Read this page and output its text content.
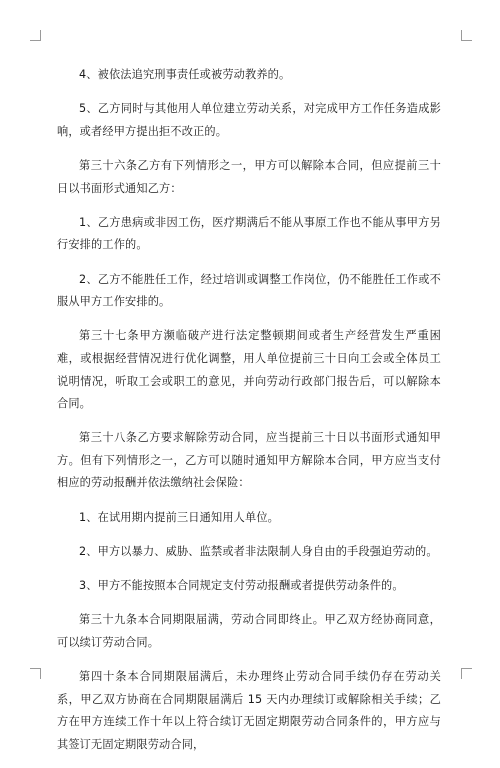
4、被依法追究刑事责任或被劳动教养的。

5、乙方同时与其他用人单位建立劳动关系，对完成甲方工作任务造成影响，或者经甲方提出拒不改正的。

第三十六条乙方有下列情形之一，甲方可以解除本合同，但应提前三十日以书面形式通知乙方：

1、乙方患病或非因工伤，医疗期满后不能从事原工作也不能从事甲方另行安排的工作的。

2、乙方不能胜任工作，经过培训或调整工作岗位，仍不能胜任工作或不服从甲方工作安排的。

第三十七条甲方濒临破产进行法定整顿期间或者生产经营发生严重困难，或根据经营情况进行优化调整，用人单位提前三十日向工会或全体员工说明情况，听取工会或职工的意见，并向劳动行政部门报告后，可以解除本合同。

第三十八条乙方要求解除劳动合同，应当提前三十日以书面形式通知甲方。但有下列情形之一，乙方可以随时通知甲方解除本合同，甲方应当支付相应的劳动报酬并依法缴纳社会保险：

1、在试用期内提前三日通知用人单位。

2、甲方以暴力、威胁、监禁或者非法限制人身自由的手段强迫劳动的。

3、甲方不能按照本合同规定支付劳动报酬或者提供劳动条件的。

第三十九条本合同期限届满，劳动合同即终止。甲乙双方经协商同意，可以续订劳动合同。

第四十条本合同期限届满后，未办理终止劳动合同手续仍存在劳动关系，甲乙双方协商在合同期限届满后 15 天内办理续订或解除相关手续；乙方在甲方连续工作十年以上符合续订无固定期限劳动合同条件的，甲方应与其签订无固定期限劳动合同，
